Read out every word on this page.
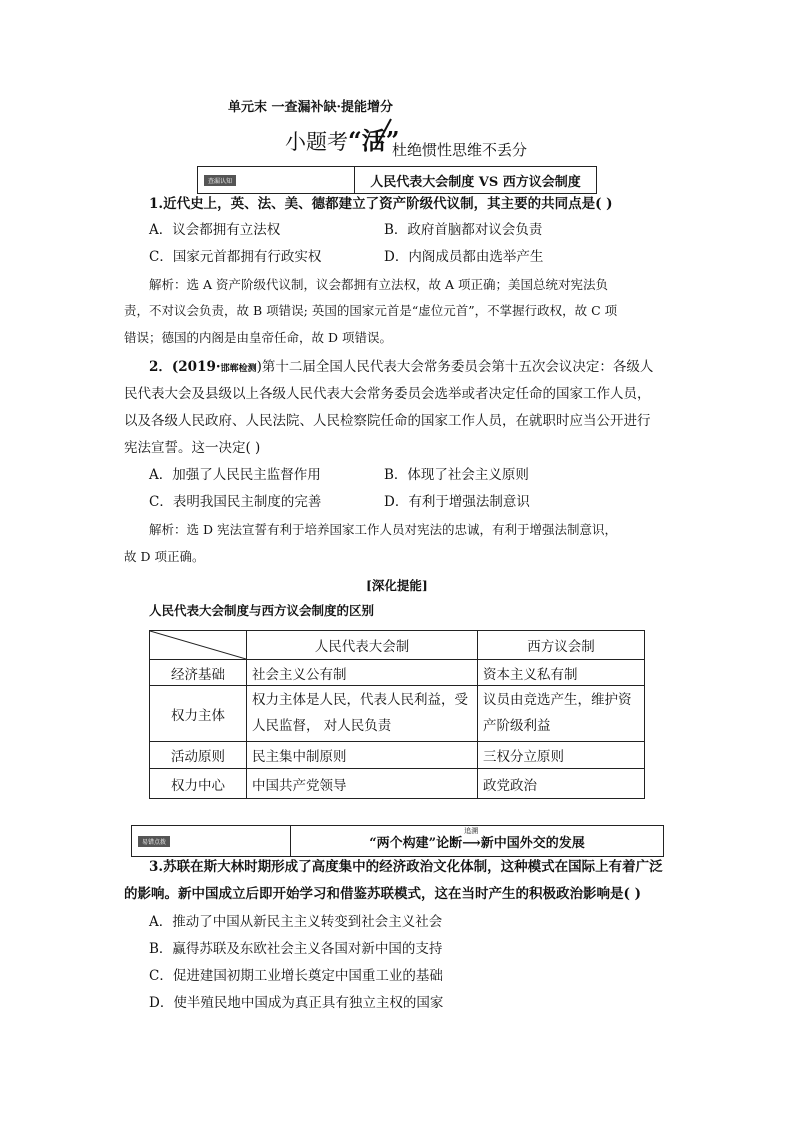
单元末 一查漏补缺·提能增分
小题考“活”
杜绝惯性思维不丢分
查漏认知	人民代表大会制度 VS 西方议会制度
1.近代史上，英、法、美、德都建立了资产阶级代议制，其主要的共同点是( )
A．议会都拥有立法权	B．政府首脑都对议会负责
C．国家元首都拥有行政实权	D．内阁成员都由选举产生
解析：选 A 资产阶级代议制，议会都拥有立法权，故 A 项正确；美国总统对宪法负
责，不对议会负责，故 B 项错误; 英国的国家元首是“虚位元首”，不掌握行政权，故 C 项
错误；德国的内阁是由皇帝任命，故 D 项错误。
2．(2019·邯郸检测)第十二届全国人民代表大会常务委员会第十五次会议决定：各级人
民代表大会及县级以上各级人民代表大会常务委员会选举或者决定任命的国家工作人员，
以及各级人民政府、人民法院、人民检察院任命的国家工作人员，在就职时应当公开进行
宪法宣誓。这一决定( )
A．加强了人民民主监督作用	B．体现了社会主义原则
C．表明我国民主制度的完善	D．有利于增强法制意识
解析：选 D 宪法宣誓有利于培养国家工作人员对宪法的忠诚，有利于增强法制意识，
故 D 项正确。
[深化提能]
人民代表大会制度与西方议会制度的区别
	人民代表大会制	西方议会制
经济基础	社会主义公有制	资本主义私有制
权力主体	权力主体是人民，代表人民利益，受人民监督， 对人民负责	议员由竞选产生，维护资产阶级利益
活动原则	民主集中制原则	三权分立原则
权力中心	中国共产党领导	政党政治
易错点拨	“两个构建”论断
追溯
⟶新中国外交的发展
3.苏联在斯大林时期形成了高度集中的经济政治文化体制，这种模式在国际上有着广泛
的影响。新中国成立后即开始学习和借鉴苏联模式，这在当时产生的积极政治影响是( )
A．推动了中国从新民主主义转变到社会主义社会
B．赢得苏联及东欧社会主义各国对新中国的支持
C．促进建国初期工业增长奠定中国重工业的基础
D．使半殖民地中国成为真正具有独立主权的国家
